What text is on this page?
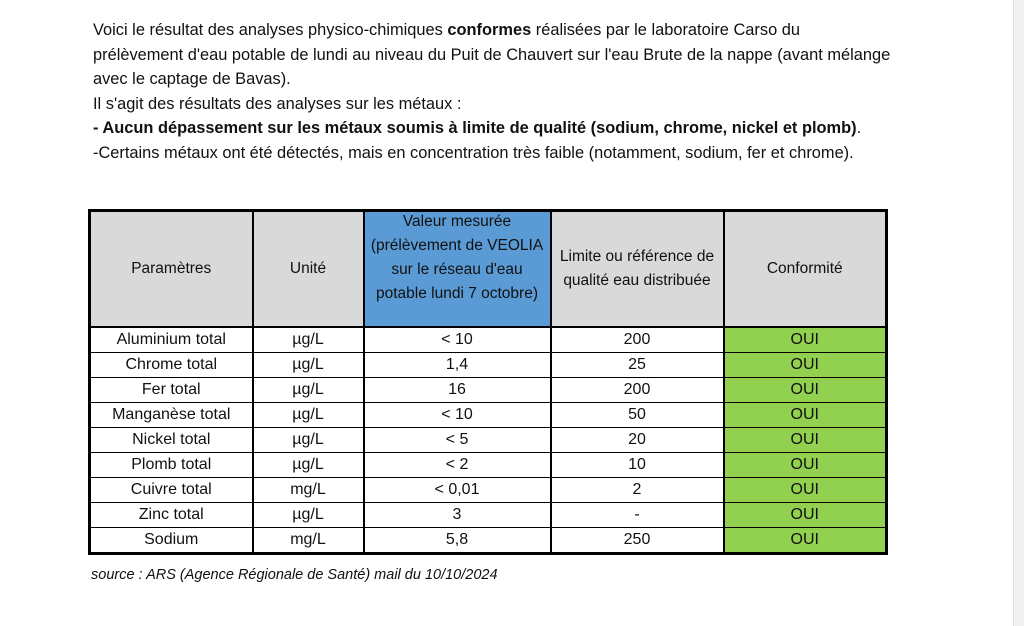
Voici le résultat des analyses physico-chimiques conformes réalisées par le laboratoire Carso du prélèvement d'eau potable de lundi au niveau du Puit de Chauvert sur l'eau Brute de la nappe (avant mélange avec le captage de Bavas).

Il s'agit des résultats des analyses sur les métaux :

- Aucun dépassement sur les métaux soumis à limite de qualité (sodium, chrome, nickel et plomb).

-Certains métaux ont été détectés, mais en concentration très faible (notamment, sodium, fer et chrome).

Paramètres	Unité	Valeur mesurée (prélèvement de VEOLIA sur le réseau d'eau potable lundi 7 octobre)	Limite ou référence de qualité eau distribuée	Conformité
Aluminium total	µg/L	< 10	200	OUI
Chrome total	µg/L	1,4	25	OUI
Fer total	µg/L	16	200	OUI
Manganèse total	µg/L	< 10	50	OUI
Nickel total	µg/L	< 5	20	OUI
Plomb total	µg/L	< 2	10	OUI
Cuivre total	mg/L	< 0,01	2	OUI
Zinc total	µg/L	3	-	OUI
Sodium	mg/L	5,8	250	OUI
source : ARS (Agence Régionale de Santé) mail du 10/10/2024
